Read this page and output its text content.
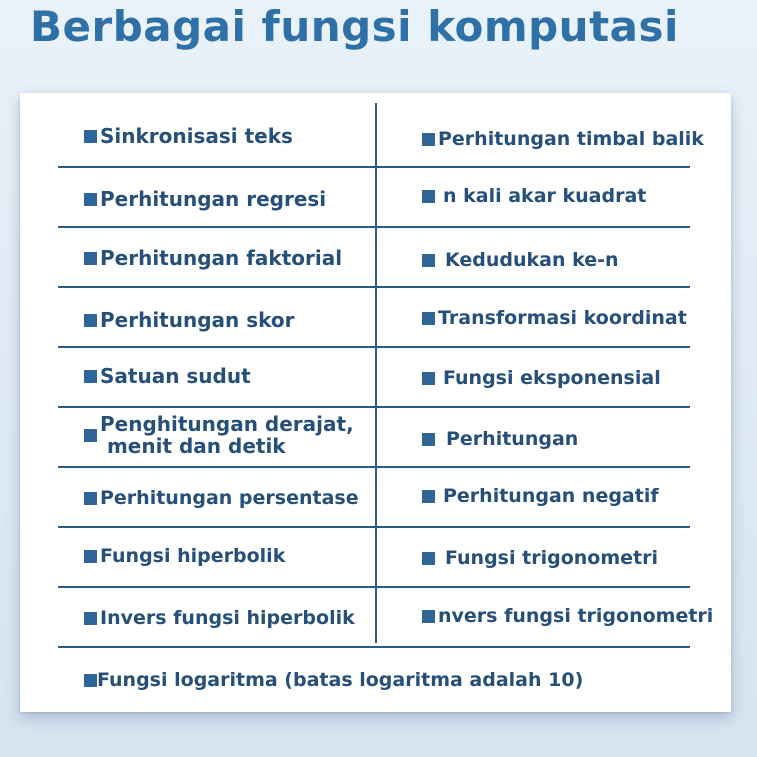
Berbagai fungsi komputasi
Sinkronisasi teks
Perhitungan regresi
Perhitungan faktorial
Perhitungan skor
Satuan sudut
Penghitungan derajat,
menit dan detik
Perhitungan persentase
Fungsi hiperbolik
Invers fungsi hiperbolik
Perhitungan timbal balik
n kali akar kuadrat
Kedudukan ke-n
Transformasi koordinat
Fungsi eksponensial
Perhitungan
Perhitungan negatif
Fungsi trigonometri
nvers fungsi trigonometri
Fungsi logaritma (batas logaritma adalah 10)
